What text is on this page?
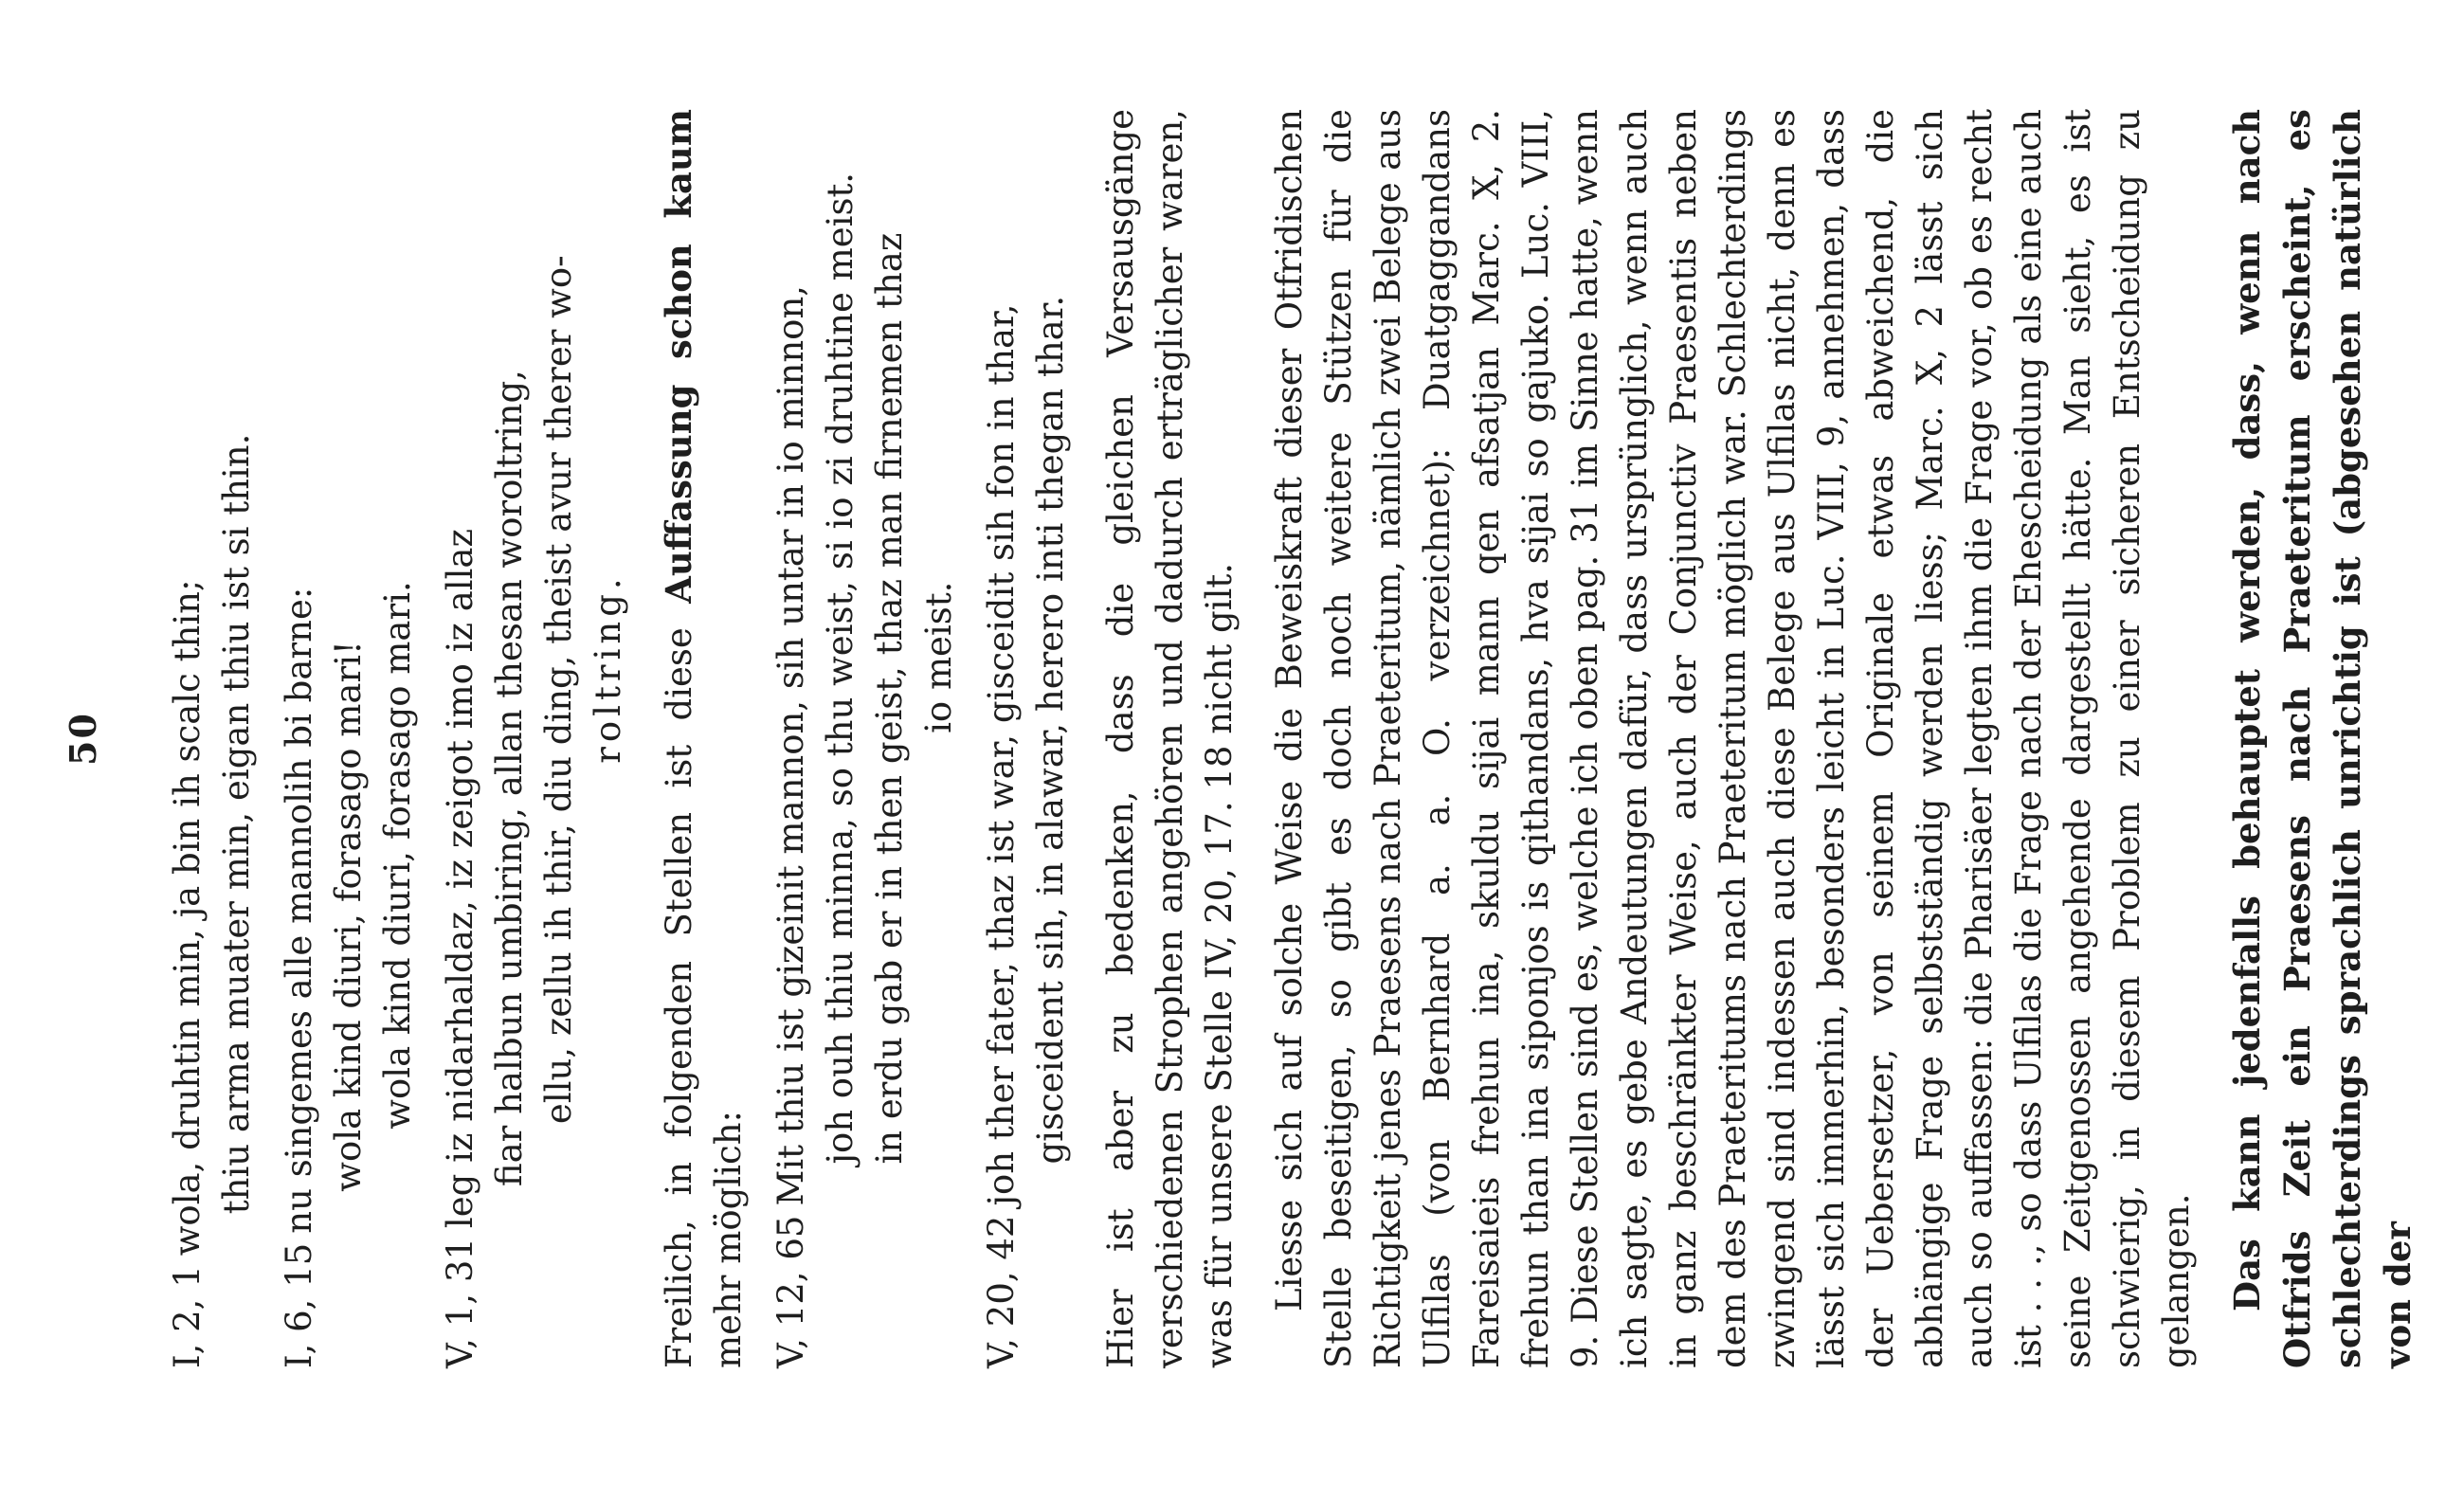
50
I, 2, 1
wola, druhtin min, ja bin ih scalc thin; thiu arma muater min, eigan thiu ist si thin.
I, 6, 15
nu singemes alle mannolih bi barne: wola kind diuri, forasago mari! wola kind diuri, forasago mari.
V, 1, 31
leg iz nidarhaldaz, iz zeigot imo iz allaz fiar halbun umbiring, allan thesan woroltring, ellu, zellu ih thir, diu ding, theist avur therer wo- roltring. Freilich, in folgenden Stellen ist diese Auffassung schon kaum mehr möglich: V, 12, 65
Mit thiu ist gizeinit mannon, sih untar in io minnon, joh ouh thiu minna, so thu weist, si io zi druhtine meist. in erdu gab er in then geist, thaz man firnemen thaz io meist.
V, 20, 42
joh ther fater, thaz ist war, gisceidit sih fon in thar, gisceident sih, in alawar, herero inti thegan thar. Hier ist aber zu bedenken, dass die gleichen Versausgänge verschiedenen Strophen angehören und dadurch erträglicher waren, was für unsere Stelle IV, 20, 17. 18 nicht gilt. Liesse sich auf solche Weise die Beweiskraft dieser Otfridischen Stelle beseitigen, so gibt es doch noch weitere Stützen für die Richtigkeit jenes Praesens nach Praeteritum, nämlich zwei Belege aus Ulfilas (von Bernhard a. a. O. verzeichnet): Duatgaggandans Fareisaieis frehun ina, skuldu sijai mann qen afsatjan Marc. X, 2. frehun than ina siponjos is qithandans, hva sijai so gajuko. Luc. VIII, 9. Diese Stellen sind es, welche ich oben pag. 31 im Sinne hatte, wenn ich sagte, es gebe Andeutungen dafür, dass ursprünglich, wenn auch in ganz beschränkter Weise, auch der Conjunctiv Praesentis neben dem des Praeteritums nach Praeteritum möglich war. Schlechterdings zwingend sind indessen auch diese Belege aus Ulfilas nicht, denn es lässt sich immerhin, besonders leicht in Luc. VIII, 9, annehmen, dass der Uebersetzer, von seinem Originale etwas abweichend, die abhängige Frage selbstständig werden liess; Marc. X, 2 lässt sich auch so auffassen: die Pharisäer legten ihm die Frage vor, ob es recht ist . . ., so dass Ulfilas die Frage nach der Ehescheidung als eine auch seine Zeitgenossen angehende dargestellt hätte. Man sieht, es ist schwierig, in diesem Problem zu einer sicheren Entscheidung zu gelangen. Das kann jedenfalls behauptet werden, dass, wenn nach Otfrids Zeit ein Praesens nach Praeteritum erscheint, es schlechterdings sprachlich unrichtig ist (abgesehen natürlich von der
